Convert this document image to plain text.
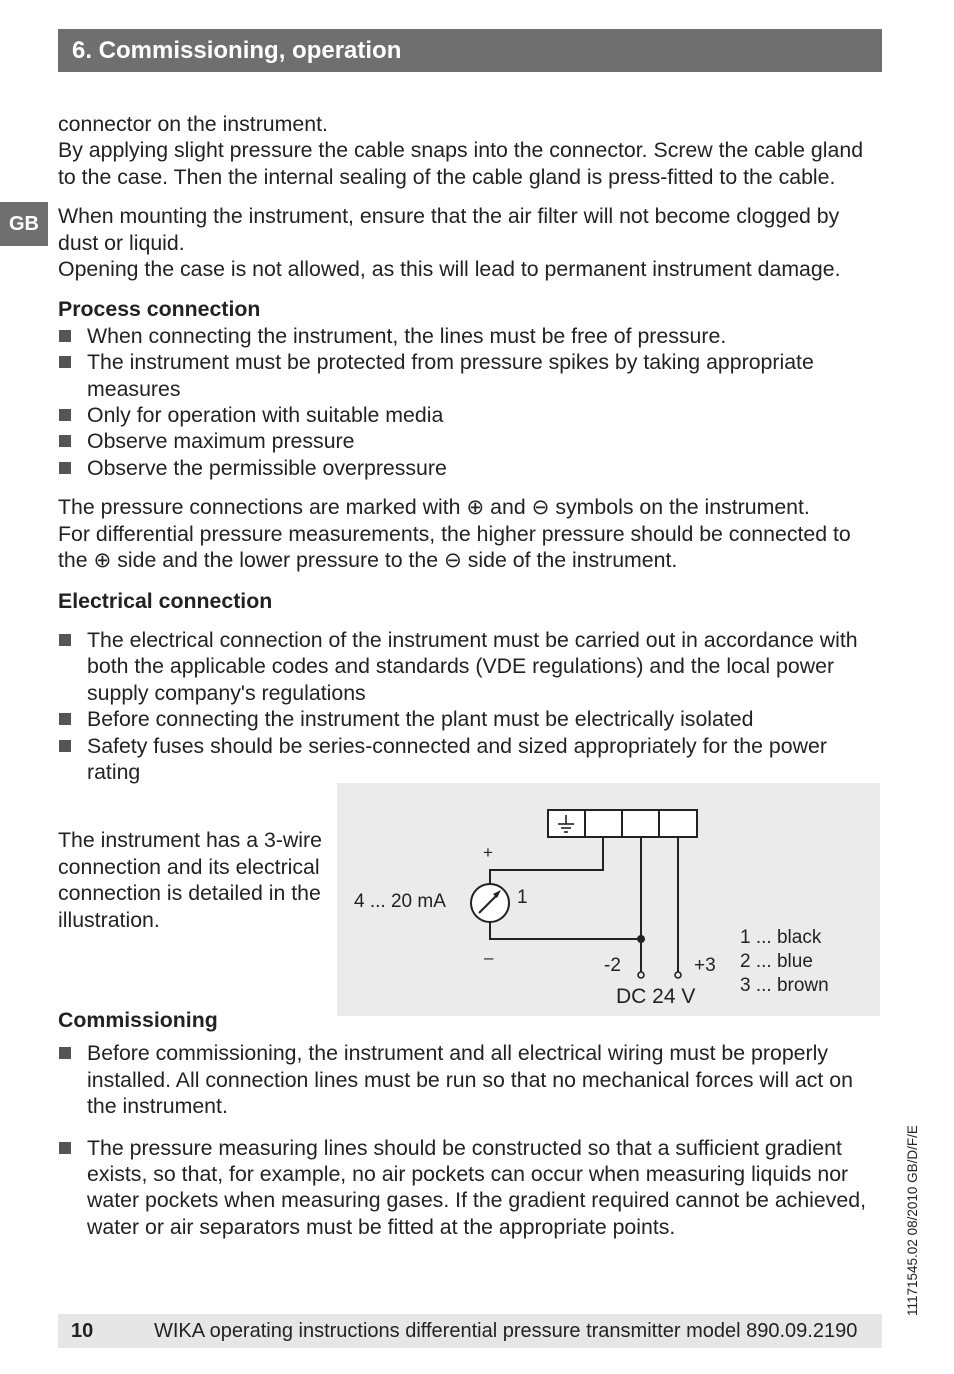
6. Commissioning, operation
GB

connector on the instrument.

By applying slight pressure the cable snaps into the connector. Screw the cable gland to the case. Then the internal sealing of the cable gland is press-fitted to the cable.

When mounting the instrument, ensure that the air filter will not become clogged by dust or liquid.

Opening the case is not allowed, as this will lead to permanent instrument damage.

Process connection

When connecting the instrument, the lines must be free of pressure.
The instrument must be protected from pressure spikes by taking appropriate measures
Only for operation with suitable media
Observe maximum pressure
Observe the permissible overpressure

The pressure connections are marked with ⊕ and ⊖ symbols on the instrument.

For differential pressure measurements, the higher pressure should be connected to the ⊕ side and the lower pressure to the ⊖ side of the instrument.

Electrical connection

The electrical connection of the instrument must be carried out in accordance with both the applicable codes and standards (VDE regulations) and the local power supply company's regulations
Before connecting the instrument the plant must be electrically isolated
Safety fuses should be series-connected and sized appropriately for the power rating

The instrument has a 3-wire connection and its electrical connection is detailed in the illustration.

+
–
4 ... 20 mA	1
-2	+3
DC 24 V
1 ... black
2 ... blue
3 ... brown

Commissioning

Before commissioning, the instrument and all electrical wiring must be properly installed. All connection lines must be run so that no mechanical forces will act on the instrument.
The pressure measuring lines should be constructed so that a sufficient gradient exists, so that, for example, no air pockets can occur when measuring liquids nor water pockets when measuring gases. If the gradient required cannot be achieved, water or air separators must be fitted at the appropriate points.	11171545.02 08/2010 GB/D/F/E
10	WIKA operating instructions differential pressure transmitter model 890.09.2190
